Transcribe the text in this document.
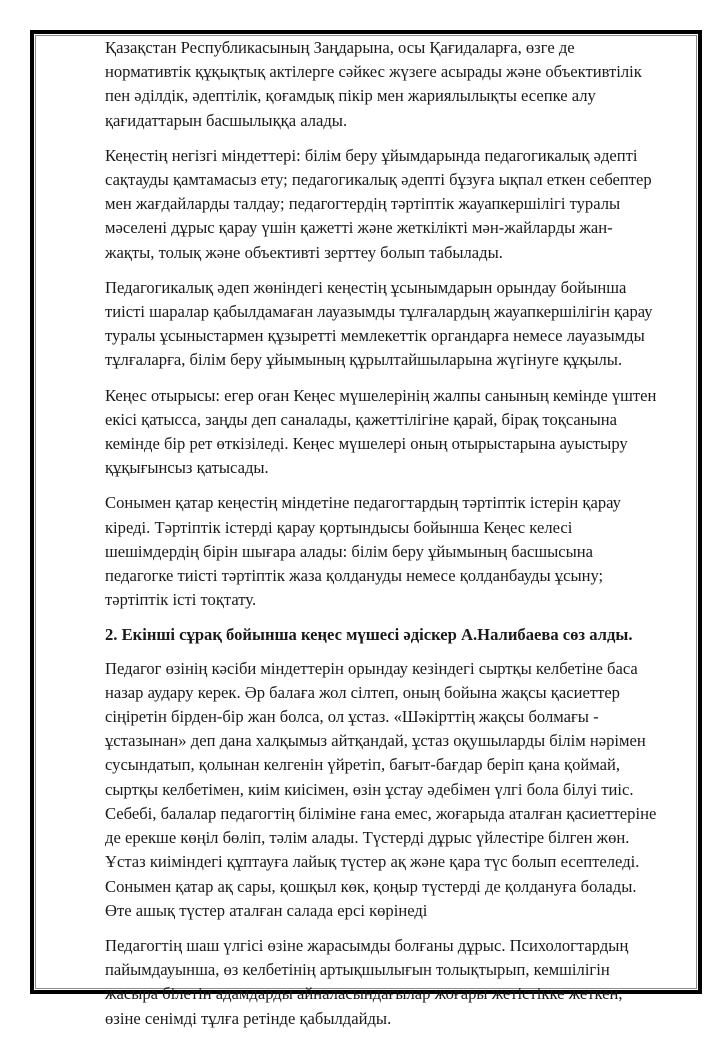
Қазақстан Республикасының Заңдарына, осы Қағидаларға, өзге де
нормативтік құқықтық актілерге сәйкес жүзеге асырады және объективтілік
пен әділдік, әдептілік, қоғамдық пікір мен жариялылықты есепке алу
қағидаттарын басшылыққа алады.

Кеңестің негізгі міндеттері: білім беру ұйымдарында педагогикалық әдепті
сақтауды қамтамасыз ету; педагогикалық әдепті бұзуға ықпал еткен себептер
мен жағдайларды талдау; педагогтердің тәртіптік жауапкершілігі туралы
мәселені дұрыс қарау үшін қажетті және жеткілікті мән-жайларды жан-
жақты, толық және объективті зерттеу болып табылады.

Педагогикалық әдеп жөніндегі кеңестің ұсынымдарын орындау бойынша
тиісті шаралар қабылдамаған лауазымды тұлғалардың жауапкершілігін қарау
туралы ұсыныстармен құзыретті мемлекеттік органдарға немесе лауазымды
тұлғаларға, білім беру ұйымының құрылтайшыларына жүгінуге құқылы.

Кеңес отырысы: егер оған Кеңес мүшелерінің жалпы санының кемінде үштен
екісі қатысса, заңды деп саналады, қажеттілігіне қарай, бірақ тоқсанына
кемінде бір рет өткізіледі. Кеңес мүшелері оның отырыстарына ауыстыру
құқығынсыз қатысады.

Сонымен қатар кеңестің міндетіне педагогтардың тәртіптік істерін қарау
кіреді. Тәртіптік істерді қарау қортындысы бойынша Кеңес келесі
шешімдердің бірін шығара алады: білім беру ұйымының басшысына
педагогке тиісті тәртіптік жаза қолдануды немесе қолданбауды ұсыну;
тәртіптік істі тоқтату.

2. Екінші сұрақ бойынша кеңес мүшесі әдіскер А.Налибаева сөз алды.

Педагог өзінің кәсіби міндеттерін орындау кезіндегі сыртқы келбетіне баса
назар аудару керек. Әр балаға жол сілтеп, оның бойына жақсы қасиеттер
сіңіретін бірден-бір жан болса, ол ұстаз. «Шәкірттің жақсы болмағы -
ұстазынан» деп дана халқымыз айтқандай, ұстаз оқушыларды білім нәрімен
сусындатып, қолынан келгенін үйретіп, бағыт-бағдар беріп қана қоймай,
сыртқы келбетімен, киім киісімен, өзін ұстау әдебімен үлгі бола білуі тиіс.
Себебі, балалар педагогтің біліміне ғана емес, жоғарыда аталған қасиеттеріне
де ерекше көңіл бөліп, тәлім алады. Түстерді дұрыс үйлестіре білген жөн.
Ұстаз киіміндегі құптауға лайық түстер ақ және қара түс болып есептеледі.
Сонымен қатар ақ сары, қошқыл көк, қоңыр түстерді де қолдануға болады.
Өте ашық түстер аталған салада ерсі көрінеді

Педагогтің шаш үлгісі өзіне жарасымды болғаны дұрыс. Психологтардың
пайымдауынша, өз келбетінің артықшылығын толықтырып, кемшілігін
жасыра білетін адамдарды айналасындағылар жоғары жетістікке жеткен,
өзіне сенімді тұлға ретінде қабылдайды.
